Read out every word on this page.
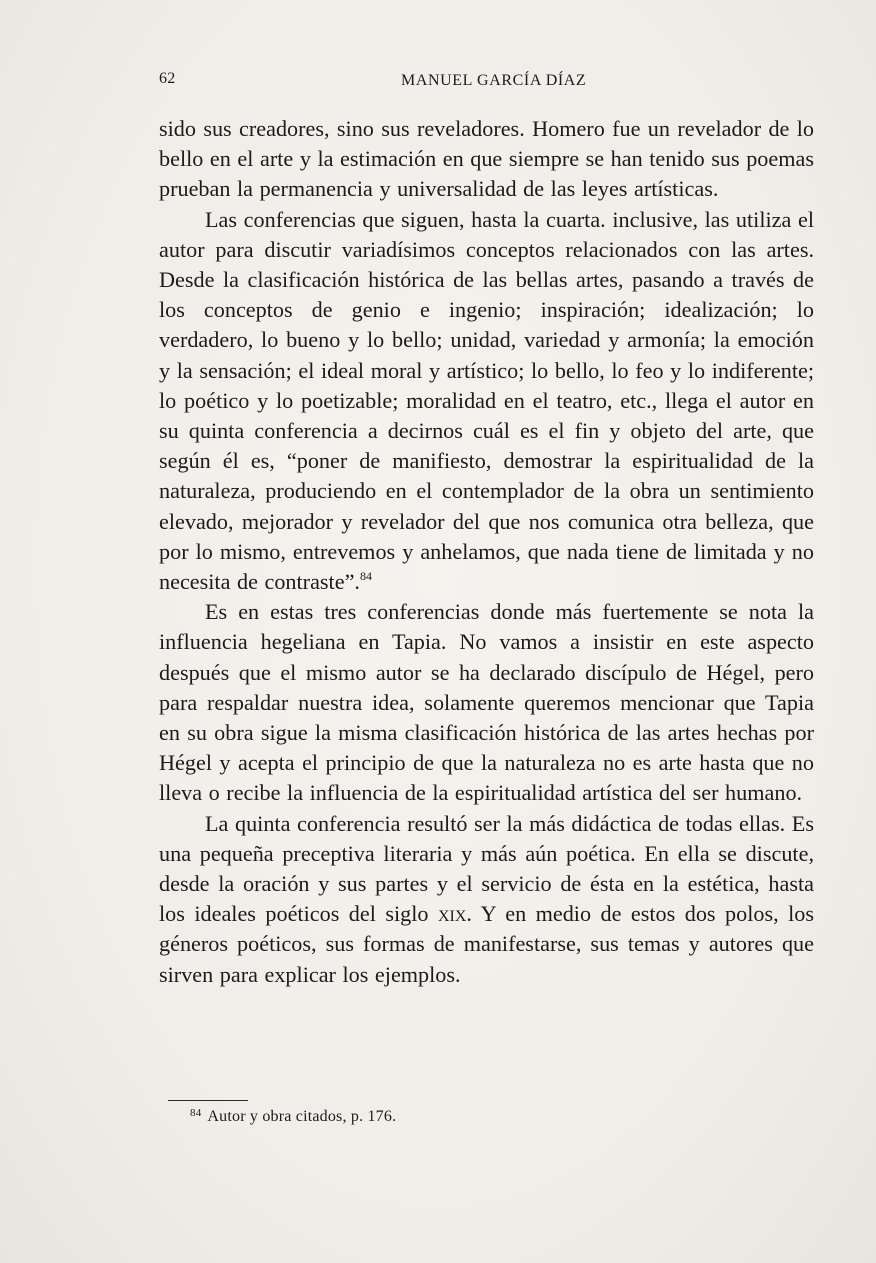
62	MANUEL GARCÍA DÍAZ

sido sus creadores, sino sus reveladores. Homero fue un revelador de lo bello en el arte y la estimación en que siempre se han tenido sus poemas prueban la permanencia y universalidad de las leyes artísticas.

Las conferencias que siguen, hasta la cuarta. inclusive, las utiliza el autor para discutir variadísimos conceptos relacionados con las artes. Desde la clasificación histórica de las bellas artes, pasando a través de los conceptos de genio e ingenio; inspiración; idealización; lo verdadero, lo bueno y lo bello; unidad, variedad y armonía; la emoción y la sensación; el ideal moral y artístico; lo bello, lo feo y lo indiferente; lo poético y lo poetizable; moralidad en el teatro, etc., llega el autor en su quinta conferencia a decirnos cuál es el fin y objeto del arte, que según él es, “poner de manifiesto, demostrar la espiritualidad de la naturaleza, produciendo en el contemplador de la obra un sentimiento elevado, mejorador y revelador del que nos comunica otra belleza, que por lo mismo, entrevemos y anhelamos, que nada tiene de limitada y no necesita de contraste”.$^{84}$

Es en estas tres conferencias donde más fuertemente se nota la influencia hegeliana en Tapia. No vamos a insistir en este aspecto después que el mismo autor se ha declarado discípulo de Hégel, pero para respaldar nuestra idea, solamente queremos mencionar que Tapia en su obra sigue la misma clasificación histórica de las artes hechas por Hégel y acepta el principio de que la naturaleza no es arte hasta que no lleva o recibe la influencia de la espiritualidad artística del ser humano.

La quinta conferencia resultó ser la más didáctica de todas ellas. Es una pequeña preceptiva literaria y más aún poética. En ella se discute, desde la oración y sus partes y el servicio de ésta en la estética, hasta los ideales poéticos del siglo xix. Y en medio de estos dos polos, los géneros poéticos, sus formas de manifestarse, sus temas y autores que sirven para explicar los ejemplos.

$^{84}$ Autor y obra citados, p. 176.
